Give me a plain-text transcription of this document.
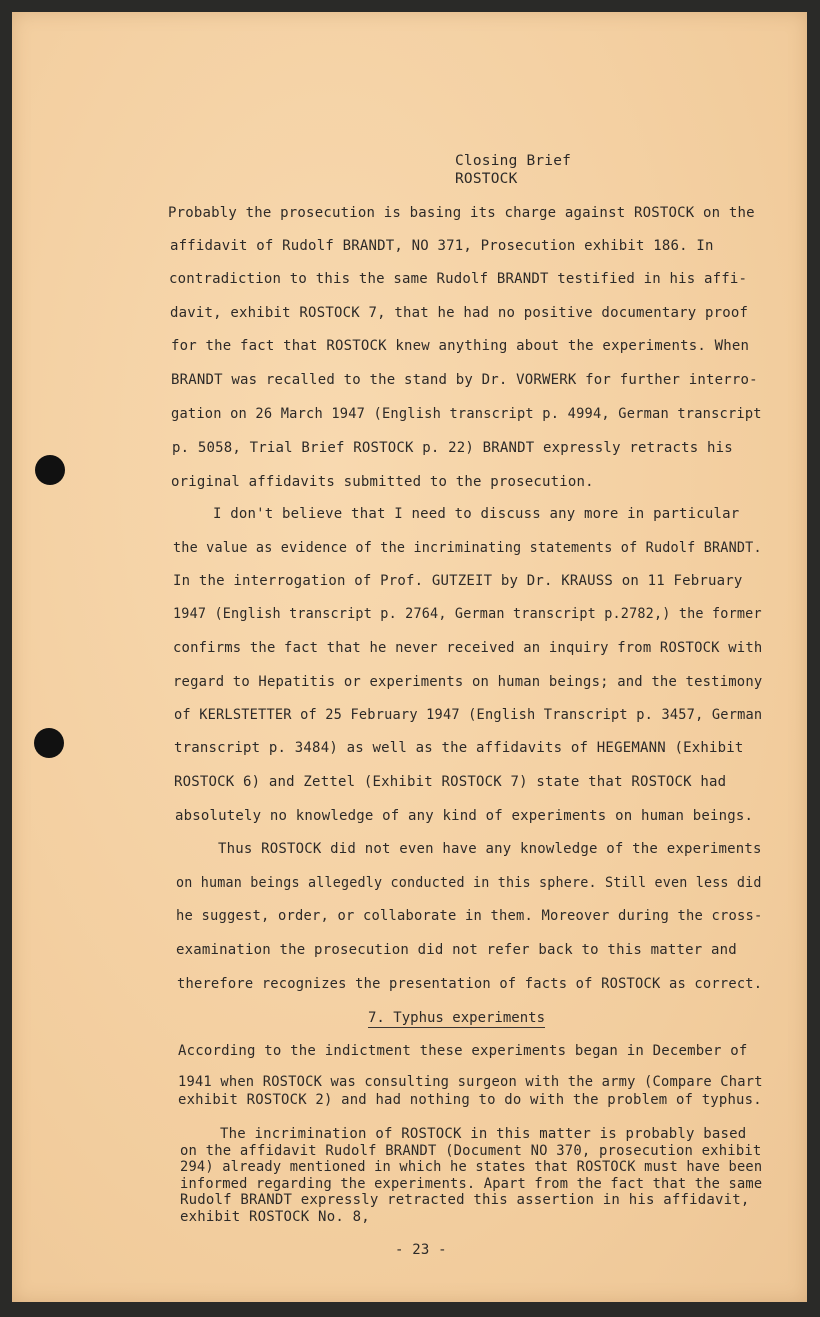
Closing Brief
ROSTOCK
Probably the prosecution is basing its charge against ROSTOCK on the
affidavit of Rudolf BRANDT, NO 371, Prosecution exhibit 186. In
contradiction to this the same Rudolf BRANDT testified in his affi-
davit, exhibit ROSTOCK 7, that he had no positive documentary proof
for the fact that ROSTOCK knew anything about the experiments. When
BRANDT was recalled to the stand by Dr. VORWERK for further interro-
gation on 26 March 1947 (English transcript p. 4994, German transcript
p. 5058, Trial Brief ROSTOCK p. 22) BRANDT expressly retracts his
original affidavits submitted to the prosecution.
I don't believe that I need to discuss any more in particular
the value as evidence of the incriminating statements of Rudolf BRANDT.
In the interrogation of Prof. GUTZEIT by Dr. KRAUSS on 11 February
1947 (English transcript p. 2764, German transcript p.2782,) the former
confirms the fact that he never received an inquiry from ROSTOCK with
regard to Hepatitis or experiments on human beings; and the testimony
of KERLSTETTER of 25 February 1947 (English Transcript p. 3457, German
transcript p. 3484) as well as the affidavits of HEGEMANN (Exhibit
ROSTOCK 6) and Zettel (Exhibit ROSTOCK 7) state that ROSTOCK had
absolutely no knowledge of any kind of experiments on human beings.
Thus ROSTOCK did not even have any knowledge of the experiments
on human beings allegedly conducted in this sphere. Still even less did
he suggest, order, or collaborate in them. Moreover during the cross-
examination the prosecution did not refer back to this matter and
therefore recognizes the presentation of facts of ROSTOCK as correct.
7. Typhus experiments
According to the indictment these experiments began in December of
1941 when ROSTOCK was consulting surgeon with the army (Compare Chart
exhibit ROSTOCK 2) and had nothing to do with the problem of typhus.
The incrimination of ROSTOCK in this matter is probably based
on the affidavit Rudolf BRANDT (Document NO 370, prosecution exhibit
294) already mentioned in which he states that ROSTOCK must have been
informed regarding the experiments. Apart from the fact that the same
Rudolf BRANDT expressly retracted this assertion in his affidavit,
exhibit ROSTOCK No. 8,
- 23 -
